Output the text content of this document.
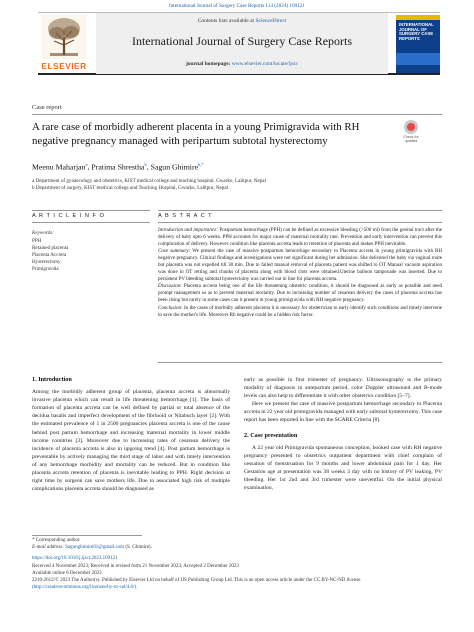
International Journal of Surgery Case Reports 114 (2024) 109121
ELSEVIER
Contents lists available at ScienceDirect
International Journal of Surgery Case Reports
journal homepage: www.elsevier.com/locate/ijscr
INTERNATIONAL JOURNAL OF SURGERY CASE REPORTS
Case report
A rare case of morbidly adherent placenta in a young Primigravida with RH negative pregnancy managed with peripartum subtotal hysterectomy	Check for updates
Meenu Maharjan$^a$, Pratima Shrestha$^b$, Sagun Ghimire$^{b,*}$
a Department of gynaecology and obstetrics, KIST medical college and teaching hospital, Gwarko, Lalitpur, Nepal
b Department of surgery, KIST medical college and Teaching Hospital, Gwarko, Lalitpur, Nepal
A R T I C L E I N F O	A B S T R A C T
Keywords:
PPH
Retained placenta
Placenta Accreta
Hysterectomy
Primigravida

Introduction and importance: Postpartum hemorrhage (PPH) can be defined as excessive bleeding (>500 ml) from the genital tract after the delivery of baby upto 6 weeks. PPH accounts for major cause of maternal mortality rate. Prevention and early intervention can prevent this complication of delivery. However condition like placenta accreta leads to retention of placenta and makes PPH inevitable.

Case summary: We present the case of massive postpartum hemorrhage secondary to Placenta accreta in young primigravida with RH negative pregnancy. Clinical findings and investigations were not significant during her admission. She delivered the baby via vaginal route but placenta was not expelled till 30 min. Due to failed manual removal of placenta patient was shifted to OT Manual vacuum aspiration was done in OT retting and chunks of placenta along with blood clots were obtained.Uterine balloon tamponade was inserted. Due to persistent PV bleeding subtotal hysterectomy was carried out in line for placenta accreta.

Discussion: Placenta accreta being one of the life threatening obstetric condition, it should be diagnosed as early as possible and need prompt management so as to prevent maternal mortality. Due to increasing number of cesarean delivery the cases of placenta accreta has been rising but rarely in some cases can it present in young primigravida with RH negative pregnancy.

Conclusion: In the cases of morbidly adherent placenta it is necessary for obstetrician to early identify such conditions and timely intervene to save the mother's life. Moreover Rh negative could be a hidden risk factor.

1. Introduction

Among the morbidly adherent group of placenta, placenta accreta is abnormally invasive placenta which can result in life threatening hemorrhage [1]. The basis of formation of placenta accreta can be well defined by partial or total absence of the decidua basalis and imperfect development of the fibrinoid or Nitabuch layer [2]. With the estimated prevalence of 1 in 2500 pregnancies placenta accreta is one of the cause behind post partum hemorrhage and increasing maternal mortality in lower middle income countries [3]. Moreover due to increasing rates of cesarean delivery the incidence of placenta accreta is also in upgoing trend [4]. Post partum hemorrhage is preventable by actively managing the third stage of labor and with timely intervention of any hemorrhage morbidity and mortality can be reduced. But in condition like placenta accreta retention of placenta is inevitable leading to PPH. Right decision at right time by surgeon can save mothers life. Due to associated high risk of multiple complications placenta accreta should be diagnosed as

early as possible in first trimester of pregnancy. Ultrasonography is the primary modality of diagnosis in antepartum period, color Doppler ultrasound and B-mode levels can also help to differentiate it with other obstetrics condition [5–7].

Here we present the case of massive postpartum hemorrhage secondary to Placenta accreta in 22 year old primigravida managed with early subtotal hysterectomy. This case report has been reported in line with the SCARE Criteria [8].

2. Case presentation

A 22 year old Primigravida spontaneous conception, booked case with RH negative pregnancy presented to obstetrics outpatient department with chief complain of cessation of menstruation for 9 months and lower abdominal pain for 1 day. Her Gestation age at presentation was 38 weeks 3 day with no history of PV leaking, PV bleeding. Her 1st 2nd and 3rd trimester were uneventful. On the initial physical examination,

* Corresponding author.
E-mail address: Sagunghimire01@gmail.com (S. Ghimire).
https://doi.org/10.1016/j.ijscr.2023.109121
Received 4 November 2023; Received in revised form 21 November 2023; Accepted 2 December 2023
Available online 6 December 2023
2210-2612/© 2023 The Author(s). Published by Elsevier Ltd on behalf of IJS Publishing Group Ltd. This is an open access article under the CC BY-NC-ND license
(http://creativecommons.org/licenses/by-nc-nd/4.0/).
